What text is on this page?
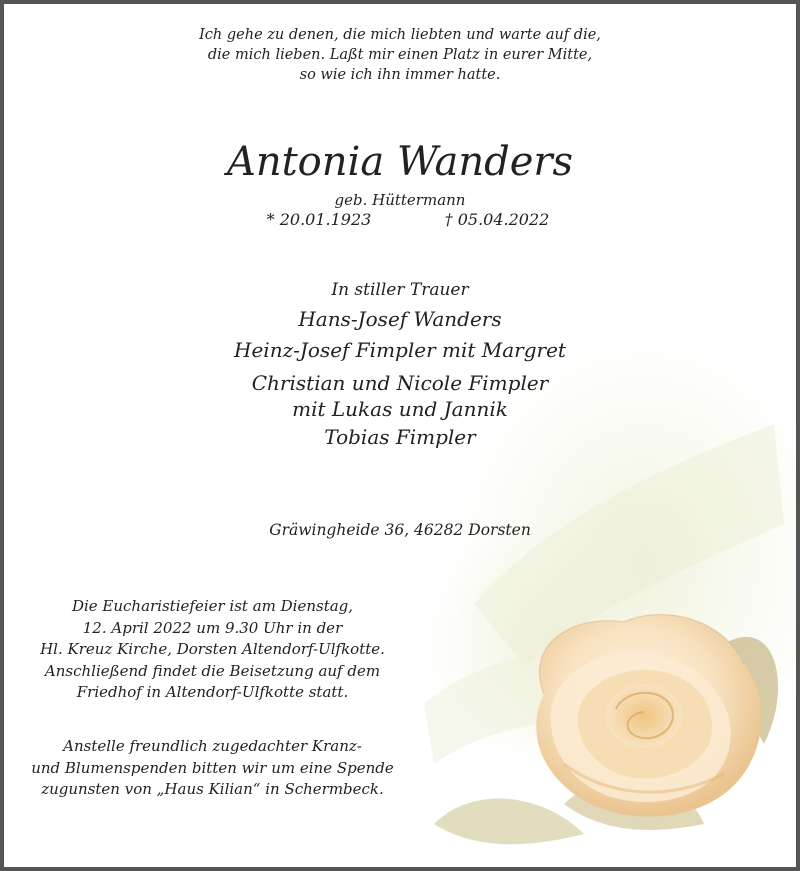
Ich gehe zu denen, die mich liebten und warte auf die,
die mich lieben. Laßt mir einen Platz in eurer Mitte,
so wie ich ihn immer hatte.
Antonia Wanders
geb. Hüttermann
* 20.01.1923	† 05.04.2022
In stiller Trauer
Hans-Josef Wanders
Heinz-Josef Fimpler mit Margret
Christian und Nicole Fimpler
mit Lukas und Jannik
Tobias Fimpler
Gräwingheide 36, 46282 Dorsten
Die Eucharistiefeier ist am Dienstag,
12. April 2022 um 9.30 Uhr in der
Hl. Kreuz Kirche, Dorsten Altendorf-Ulfkotte.
Anschließend findet die Beisetzung auf dem
Friedhof in Altendorf-Ulfkotte statt.
Anstelle freundlich zugedachter Kranz-
und Blumenspenden bitten wir um eine Spende
zugunsten von „Haus Kilian“ in Schermbeck.
